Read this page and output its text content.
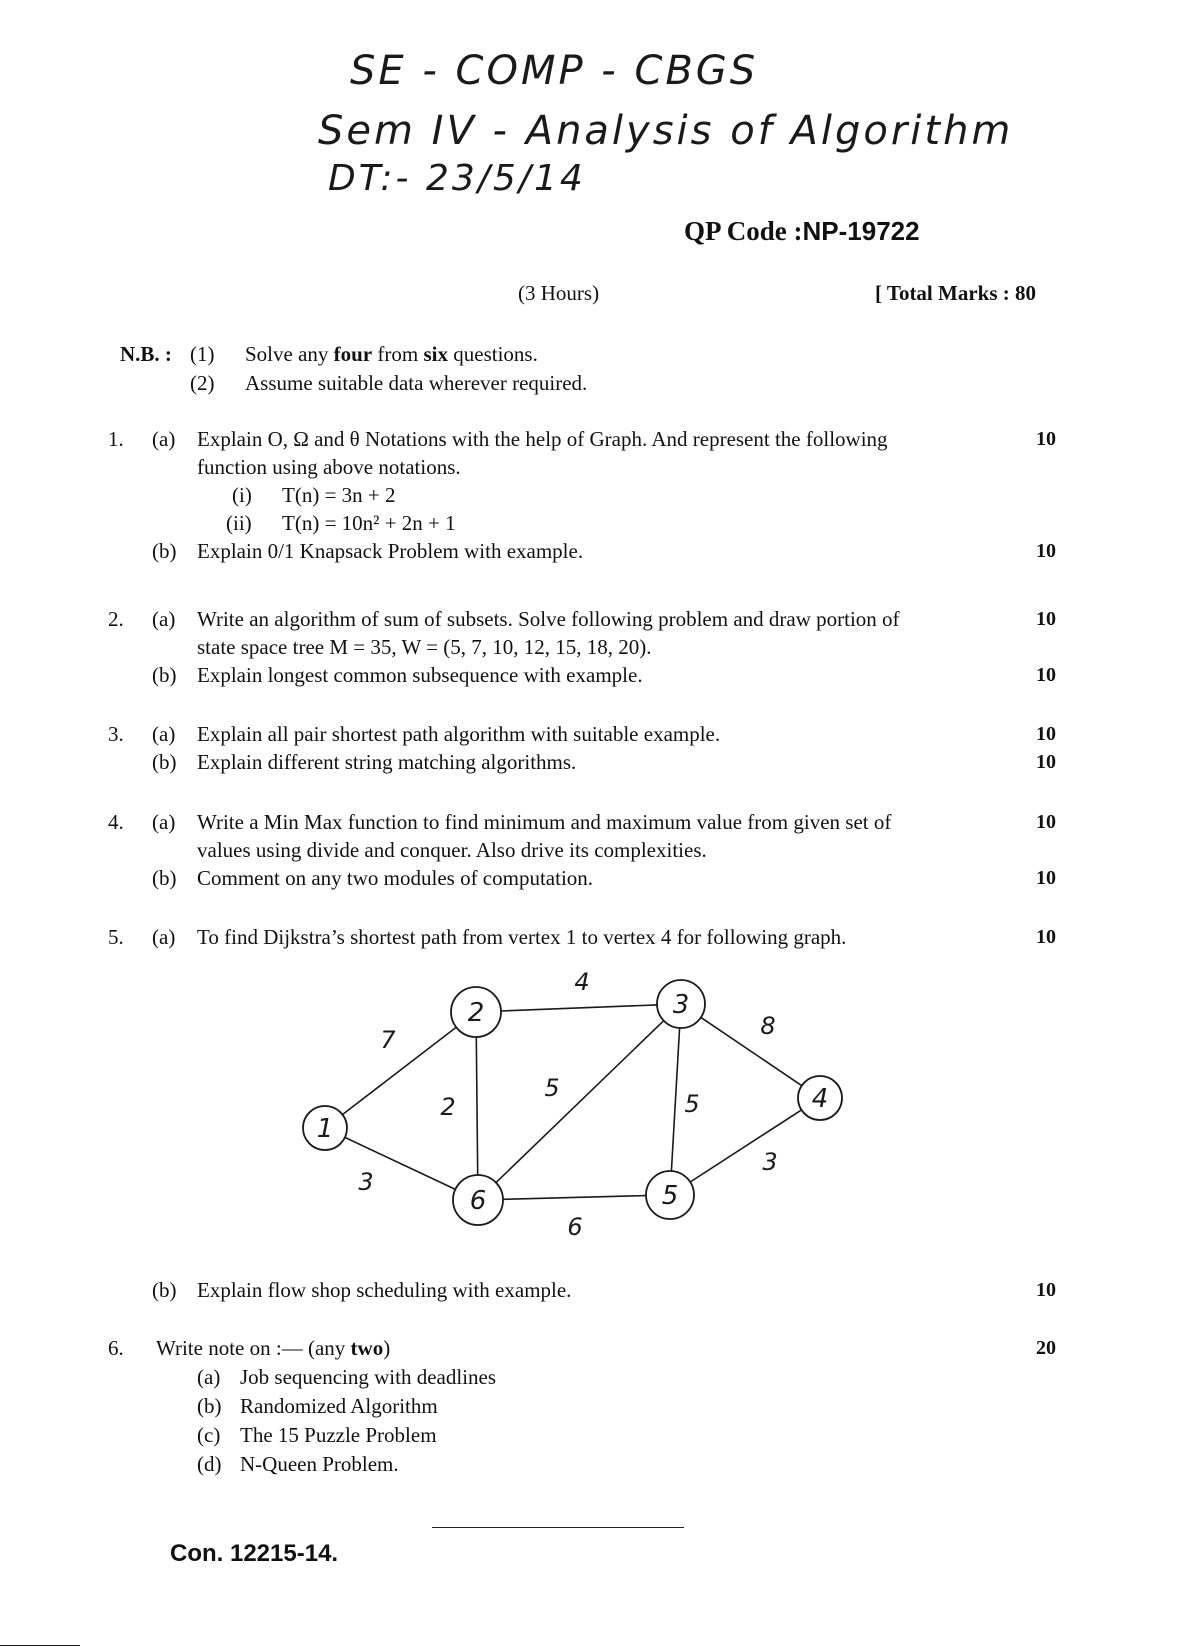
SE - COMP - CBGS
Sem IV - Analysis of Algorithm
DT:- 23/5/14
QP Code :NP-19722
(3 Hours)	[ Total Marks : 80
N.B. : (1) Solve any four from six questions.
(2) Assume suitable data wherever required.
1. (a) Explain O, Ω and θ Notations with the help of Graph. And represent the following	10
function using above notations.
(i) T(n) = 3n + 2
(ii) T(n) = 10n² + 2n + 1
(b) Explain 0/1 Knapsack Problem with example.	10
2. (a) Write an algorithm of sum of subsets. Solve following problem and draw portion of	10
state space tree M = 35, W = (5, 7, 10, 12, 15, 18, 20).
(b) Explain longest common subsequence with example.	10
3. (a) Explain all pair shortest path algorithm with suitable example.	10
(b) Explain different string matching algorithms.	10
4. (a) Write a Min Max function to find minimum and maximum value from given set of	10
values using divide and conquer. Also drive its complexities.
(b) Comment on any two modules of computation.	10
5. (a) To find Dijkstra’s shortest path from vertex 1 to vertex 4 for following graph.	10
7
3
4
2
5
5
8
3
6
1
2	3
4
5
6
(b) Explain flow shop scheduling with example.	10
6. Write note on :— (any two)	20
(a) Job sequencing with deadlines
(b) Randomized Algorithm
(c) The 15 Puzzle Problem
(d) N-Queen Problem.
Con. 12215-14.
